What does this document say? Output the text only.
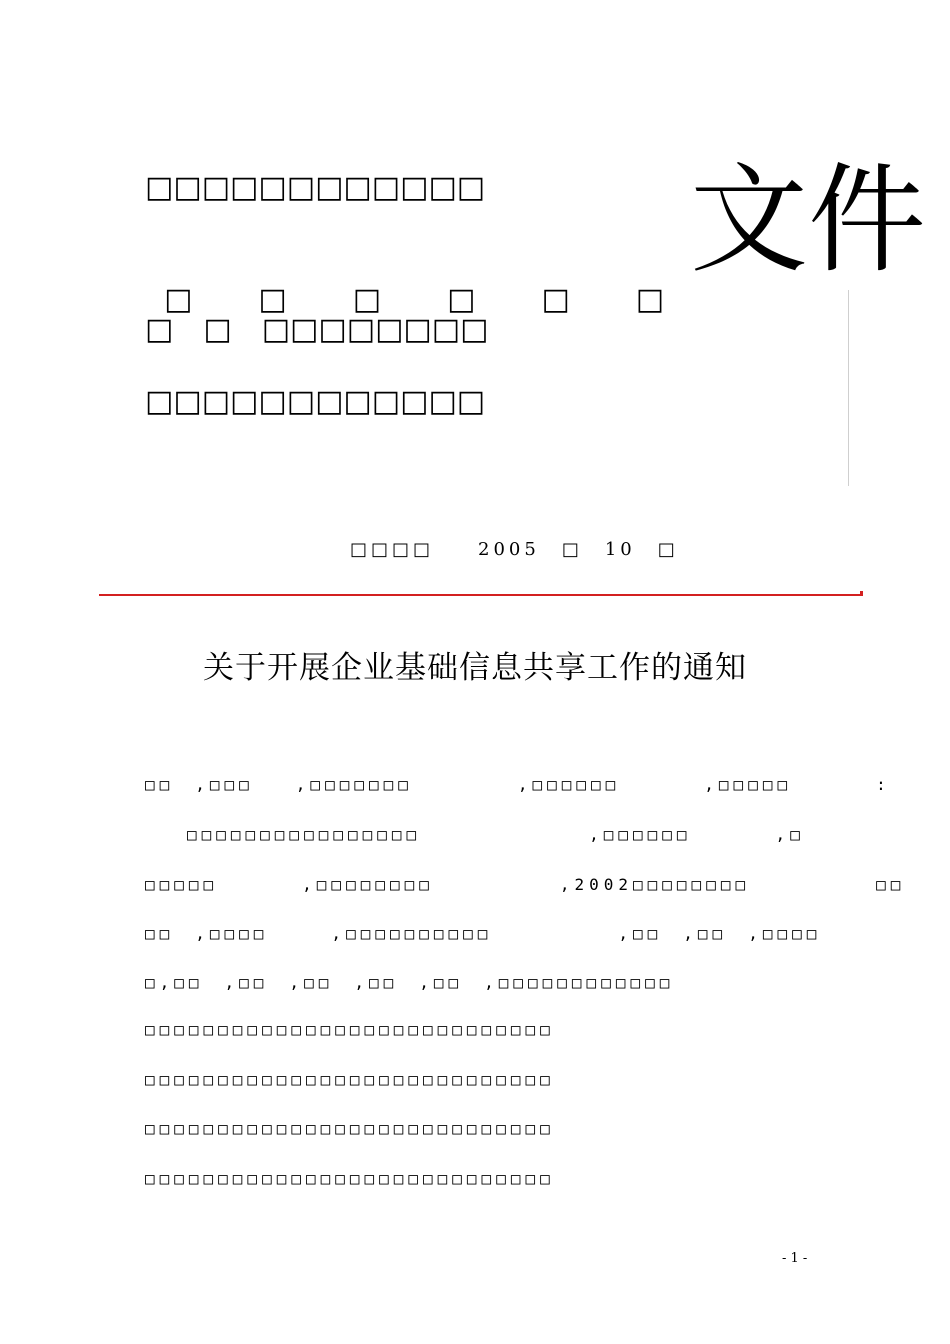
□□□□□□□□□□□□

□□□□□□

□　□　□□□□□□□□
□□□□□□□□□□□□
文件
□□□□　　2005　□　10　□
关于开展企业基础信息共享工作的通知
□□　,□□□　　,□□□□□□□　　　　　,□□□□□□　　　　,□□□□□　　　　:
　　□□□□□□□□□□□□□□□□　　　　　　　　,□□□□□□　　　　,□
□□□□□　　　　,□□□□□□□□　　　　　　,2002□□□□□□□□　　　　　　□□
□□　,□□□□　　　,□□□□□□□□□□　　　　　　,□□　,□□　,□□□□
□,□□　,□□　,□□　,□□　,□□　,□□□□□□□□□□□□
□□□□□□□□□□□□□□□□□□□□□□□□□□□□
□□□□□□□□□□□□□□□□□□□□□□□□□□□□
□□□□□□□□□□□□□□□□□□□□□□□□□□□□
□□□□□□□□□□□□□□□□□□□□□□□□□□□□
- 1 -
